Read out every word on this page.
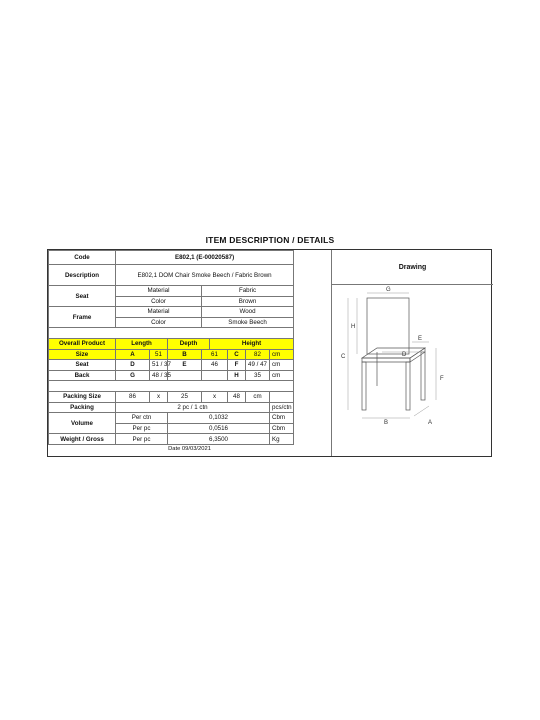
ITEM DESCRIPTION / DETAILS
Code	E802,1 (E-00020587)								
Description	E802,1 DOM Chair Smoke Beech / Fabric Brown								
Seat	Material			Fabric					
	Color			Brown					
Frame	Material			Wood					
	Color			Smoke Beech					

Overall Product	Length		Depth		Height				
Size	A	51	B	61		C	82	cm	
Seat	D	51 / 37	E	46		F	49 / 47	cm	
Back	G	48 / 35				H	35	cm	

Packing Size	86	x	25	x		48	cm		
Packing	2 pc / 1 ctn							pcs/ctn	
Volume	Per ctn		0,1032					Cbm	
	Per pc		0,0516					Cbm	
Weight / Gross	Per pc		6,3500					Kg	
Date 09/03/2021
Drawing
G
H
C
E
D
F
B	A
